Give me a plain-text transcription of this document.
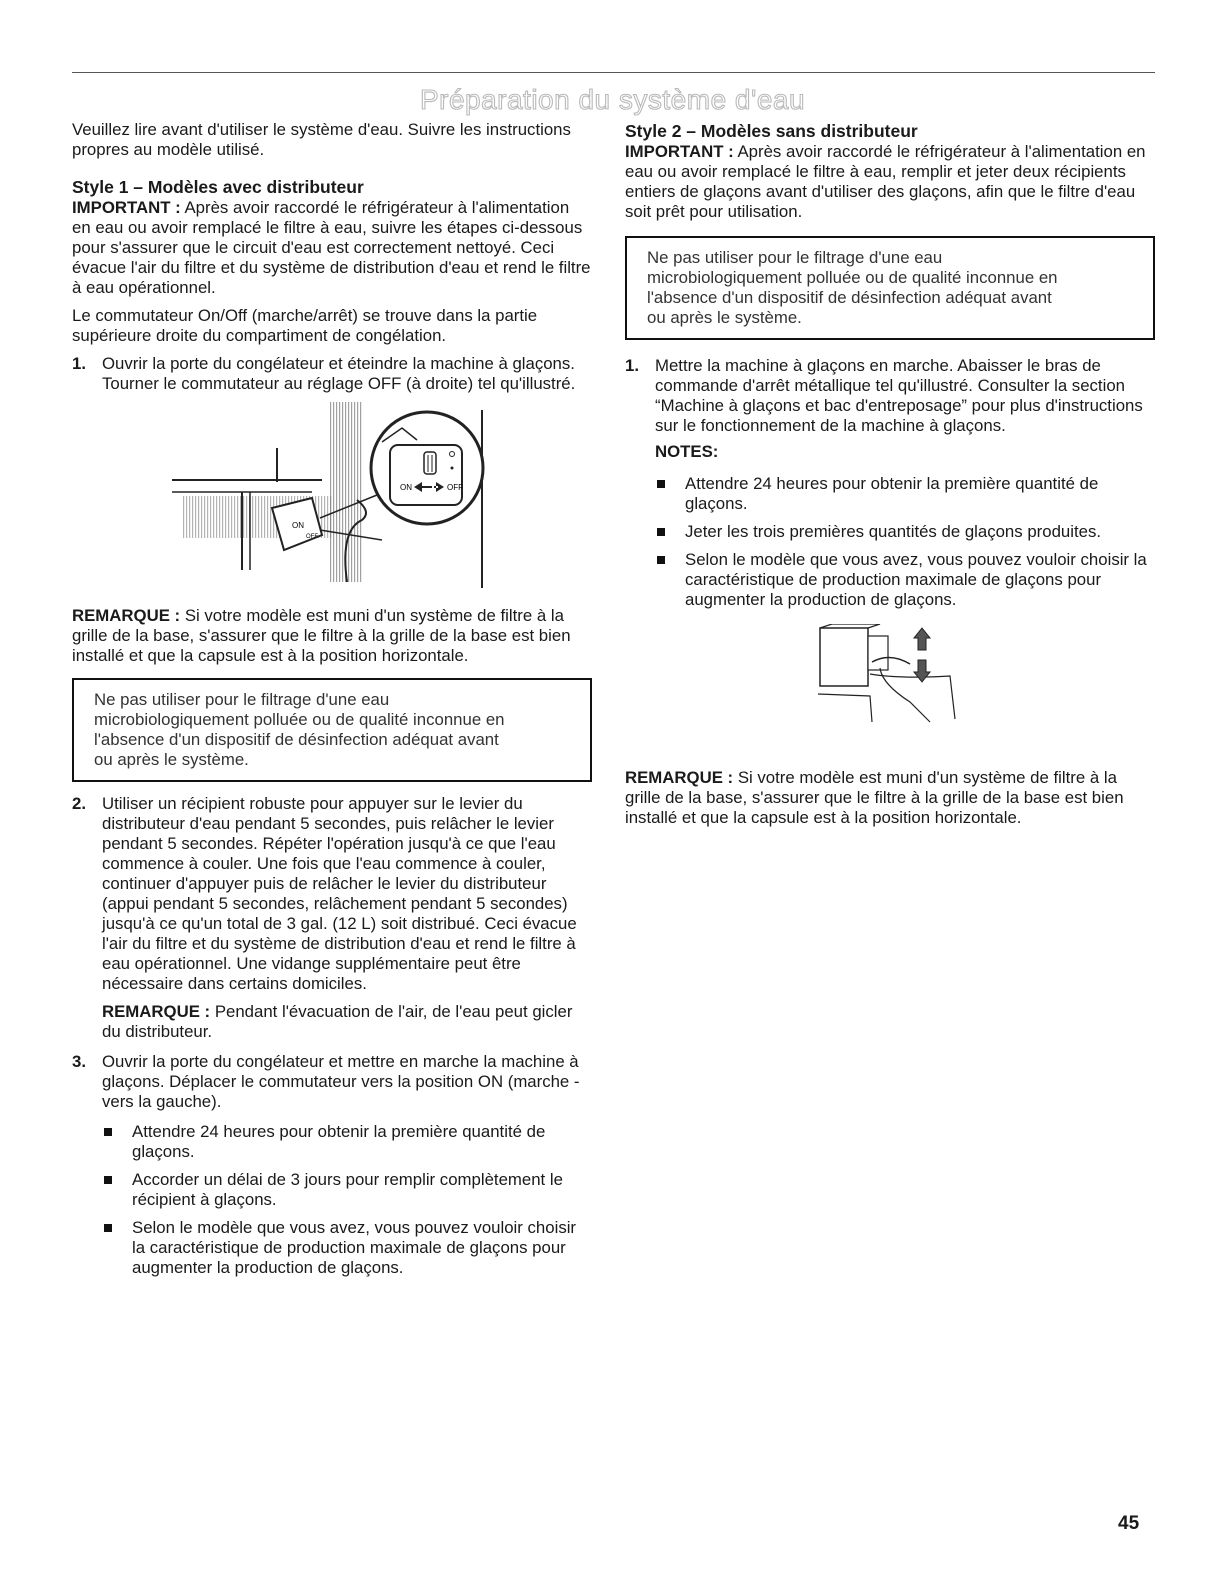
Préparation du système d'eau

Veuillez lire avant d'utiliser le système d'eau. Suivre les instructions propres au modèle utilisé.

Style 1 – Modèles avec distributeur

IMPORTANT : Après avoir raccordé le réfrigérateur à l'alimentation en eau ou avoir remplacé le filtre à eau, suivre les étapes ci-dessous pour s'assurer que le circuit d'eau est correctement nettoyé. Ceci évacue l'air du filtre et du système de distribution d'eau et rend le filtre à eau opérationnel.

Le commutateur On/Off (marche/arrêt) se trouve dans la partie supérieure droite du compartiment de congélation.

1. Ouvrir la porte du congélateur et éteindre la machine à glaçons. Tourner le commutateur au réglage OFF (à droite) tel qu'illustré.
ON
OFF
ON	OFF

REMARQUE : Si votre modèle est muni d'un système de filtre à la grille de la base, s'assurer que le filtre à la grille de la base est bien installé et que la capsule est à la position horizontale.

Ne pas utiliser pour le filtrage d'une eau
microbiologiquement polluée ou de qualité inconnue en
l'absence d'un dispositif de désinfection adéquat avant
ou après le système.
2. Utiliser un récipient robuste pour appuyer sur le levier du distributeur d'eau pendant 5 secondes, puis relâcher le levier pendant 5 secondes. Répéter l'opération jusqu'à ce que l'eau commence à couler. Une fois que l'eau commence à couler, continuer d'appuyer puis de relâcher le levier du distributeur (appui pendant 5 secondes, relâchement pendant 5 secondes) jusqu'à ce qu'un total de 3 gal. (12 L) soit distribué. Ceci évacue l'air du filtre et du système de distribution d'eau et rend le filtre à eau opérationnel. Une vidange supplémentaire peut être nécessaire dans certains domiciles.
REMARQUE : Pendant l'évacuation de l'air, de l'eau peut gicler du distributeur.
3. Ouvrir la porte du congélateur et mettre en marche la machine à glaçons. Déplacer le commutateur vers la position ON (marche - vers la gauche).
Attendre 24 heures pour obtenir la première quantité de glaçons.
Accorder un délai de 3 jours pour remplir complètement le récipient à glaçons.
Selon le modèle que vous avez, vous pouvez vouloir choisir la caractéristique de production maximale de glaçons pour augmenter la production de glaçons.
Style 2 – Modèles sans distributeur

IMPORTANT : Après avoir raccordé le réfrigérateur à l'alimentation en eau ou avoir remplacé le filtre à eau, remplir et jeter deux récipients entiers de glaçons avant d'utiliser des glaçons, afin que le filtre d'eau soit prêt pour utilisation.

Ne pas utiliser pour le filtrage d'une eau
microbiologiquement polluée ou de qualité inconnue en
l'absence d'un dispositif de désinfection adéquat avant
ou après le système.
1. Mettre la machine à glaçons en marche. Abaisser le bras de commande d'arrêt métallique tel qu'illustré. Consulter la section “Machine à glaçons et bac d'entreposage” pour plus d'instructions sur le fonctionnement de la machine à glaçons.
NOTES:
Attendre 24 heures pour obtenir la première quantité de glaçons.
Jeter les trois premières quantités de glaçons produites.
Selon le modèle que vous avez, vous pouvez vouloir choisir la caractéristique de production maximale de glaçons pour augmenter la production de glaçons.

REMARQUE : Si votre modèle est muni d'un système de filtre à la grille de la base, s'assurer que le filtre à la grille de la base est bien installé et que la capsule est à la position horizontale.

45
